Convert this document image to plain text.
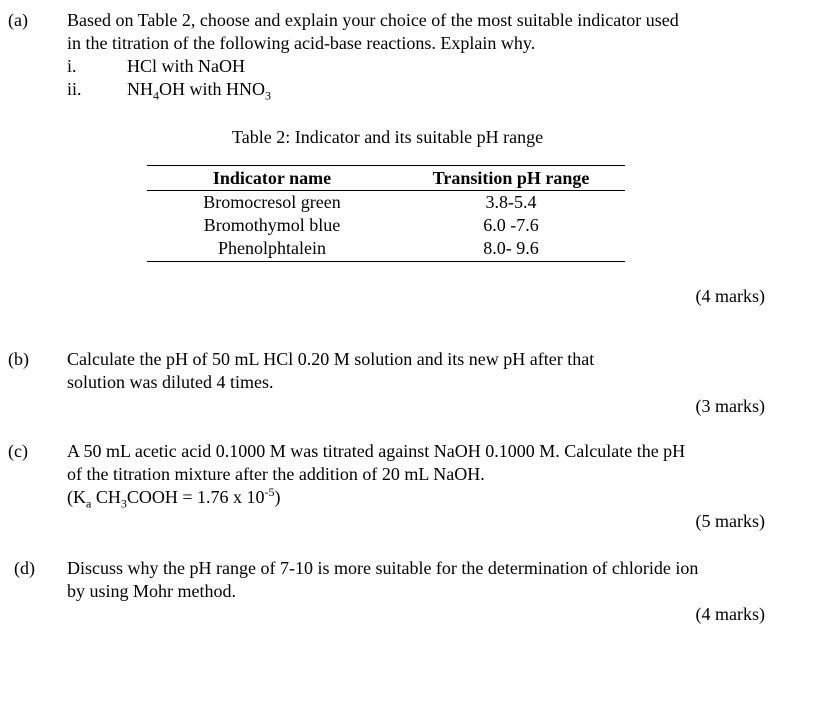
(a) Based on Table 2, choose and explain your choice of the most suitable indicator used
in the titration of the following acid-base reactions. Explain why.
i.	HCl with NaOH
ii.	$NH_4OH$ with $HNO_3$
Table 2: Indicator and its suitable pH range
Indicator name	Transition pH range
Bromocresol green	3.8-5.4
Bromothymol blue	6.0 -7.6
Phenolphtalein	8.0- 9.6
(4 marks)
(b) Calculate the pH of 50 mL HCl 0.20 M solution and its new pH after that
solution was diluted 4 times.
(3 marks)
(c) A 50 mL acetic acid 0.1000 M was titrated against NaOH 0.1000 M. Calculate the pH
of the titration mixture after the addition of 20 mL NaOH.
($K_a$ $CH_3COOH = 1.76$ x $10^{-5}$)
(5 marks)
(d) Discuss why the pH range of 7-10 is more suitable for the determination of chloride ion
by using Mohr method.
(4 marks)
